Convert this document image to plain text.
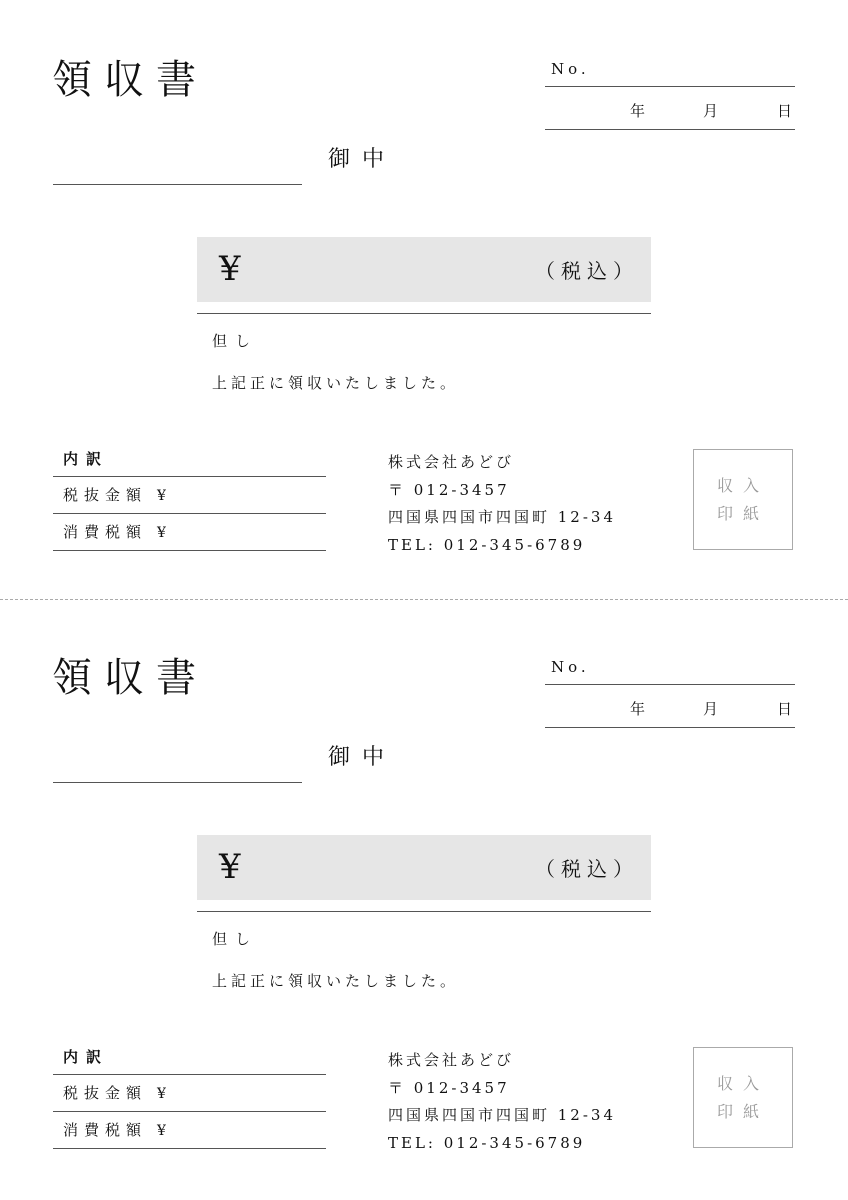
領収書	No.
年	月	日
御中
¥	（税込）
但し
上記正に領収いたしました。
内訳
税抜金額 ¥
消費税額 ¥
株式会社あどび
〒 012-3457
四国県四国市四国町 12-34
TEL: 012-345-6789
収入
印紙
領収書	No.
年	月	日
御中
¥	（税込）
但し
上記正に領収いたしました。
内訳
税抜金額 ¥
消費税額 ¥
株式会社あどび
〒 012-3457
四国県四国市四国町 12-34
TEL: 012-345-6789
収入
印紙
